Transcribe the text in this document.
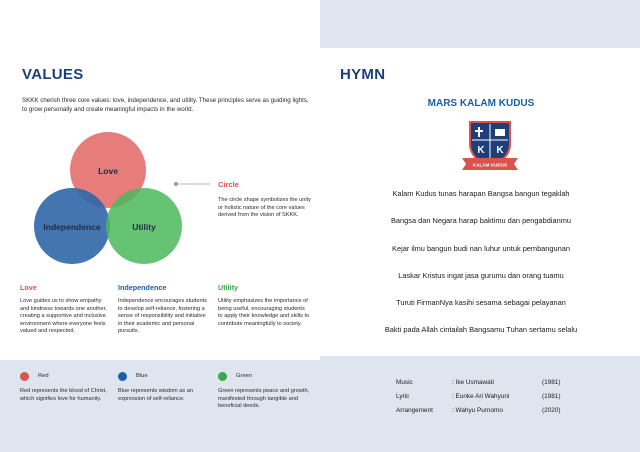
VALUES
SKKK cherish three core values: love, independence, and utility. These principles serve as guiding lights, to grow personally and create meaningful impacts in the world.
Love
Independence	Utility
Circle
The circle shape symbolizes the unity or holistic nature of the core values derived from the vision of SKKK.
Love
Love guides us to show empathy and kindness towards one another, creating a supportive and inclusive environment where everyone feels valued and respected.
Independence
Independence encourages students to develop self-reliance, fostering a sense of responsibility and initiative in their academic and personal pursuits.
Utility
Utility emphasizes the importance of being useful, encouraging students to apply their knowledge and skills to contribute meaningfully to society.
Red
Red represents the blood of Christ, which signifies love for humanity.
Blue
Blue represents wisdom as an expression of self-reliance.
Green
Green represents peace and growth, manifested through tangible and beneficial deeds.
HYMN
MARS KALAM KUDUS
K K
KALAM KUDUS
Kalam Kudus tunas harapan Bangsa bangun tegaklah
Bangsa dan Negara harap baktimu dan pengabdianmu
Kejar ilmu bangun budi nan luhur untuk pembangunan
Laskar Kristus ingat jasa gurumu dan orang tuamu
Turuti FirmanNya kasihi sesama sebagai pelayanan
Bakti pada Allah cintailah Bangsamu Tuhan sertamu selalu
Music	: Ike Usmawati	(1981)
Lyric	: Eunke Ari Wahyuni	(1981)
Arrangement	: Wahyu Purnomo	(2020)
